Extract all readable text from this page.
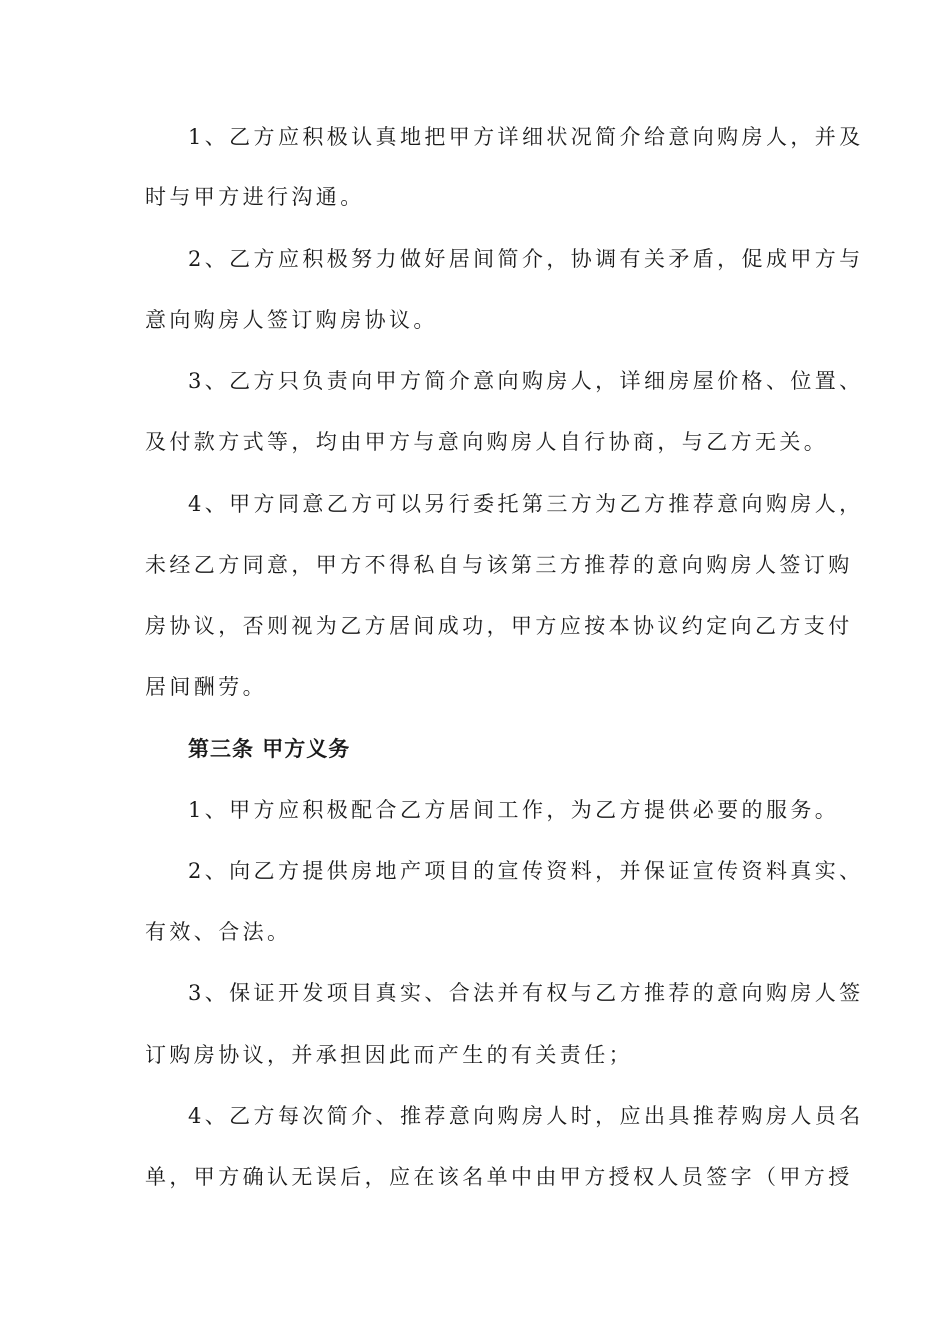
1、乙方应积极认真地把甲方详细状况简介给意向购房人，并及
时与甲方进行沟通。
2、乙方应积极努力做好居间简介，协调有关矛盾，促成甲方与
意向购房人签订购房协议。
3、乙方只负责向甲方简介意向购房人，详细房屋价格、位置、
及付款方式等，均由甲方与意向购房人自行协商，与乙方无关。
4、甲方同意乙方可以另行委托第三方为乙方推荐意向购房人，
未经乙方同意，甲方不得私自与该第三方推荐的意向购房人签订购
房协议，否则视为乙方居间成功，甲方应按本协议约定向乙方支付
居间酬劳。
第三条 甲方义务
1、甲方应积极配合乙方居间工作，为乙方提供必要的服务。
2、向乙方提供房地产项目的宣传资料，并保证宣传资料真实、
有效、合法。
3、保证开发项目真实、合法并有权与乙方推荐的意向购房人签
订购房协议，并承担因此而产生的有关责任；
4、乙方每次简介、推荐意向购房人时，应出具推荐购房人员名
单，甲方确认无误后，应在该名单中由甲方授权人员签字（甲方授
